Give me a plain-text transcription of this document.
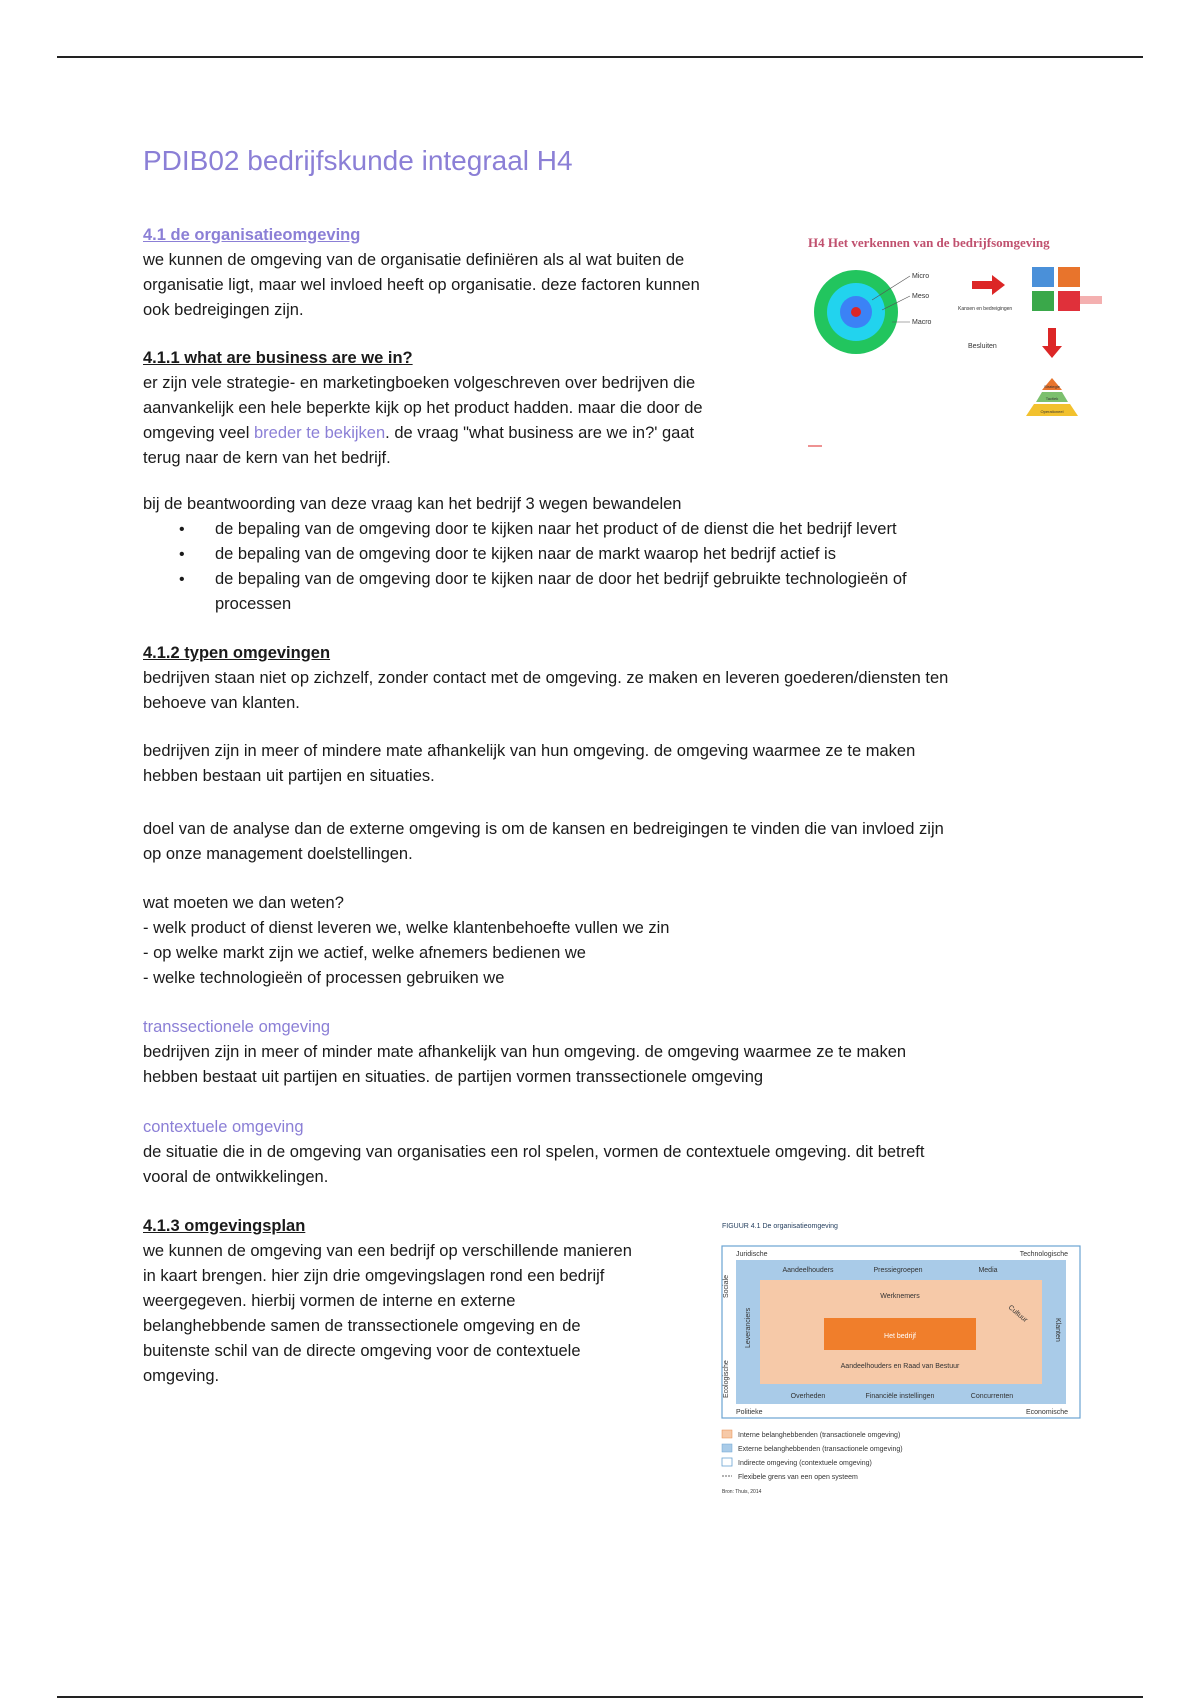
PDIB02 bedrijfskunde integraal H4

4.1 de organisatieomgeving

we kunnen de omgeving van de organisatie definiëren als al wat buiten de

organisatie ligt, maar wel invloed heeft op organisatie. deze factoren kunnen

ook bedreigingen zijn.

4.1.1 what are business are we in?

er zijn vele strategie- en marketingboeken volgeschreven over bedrijven die

aanvankelijk een hele beperkte kijk op het product hadden. maar die door de

omgeving veel breder te bekijken. de vraag "what business are we in?' gaat

terug naar de kern van het bedrijf.

bij de beantwoording van deze vraag kan het bedrijf 3 wegen bewandelen

• de bepaling van de omgeving door te kijken naar het product of de dienst die het bedrijf levert
• de bepaling van de omgeving door te kijken naar de markt waarop het bedrijf actief is
• de bepaling van de omgeving door te kijken naar de door het bedrijf gebruikte technologieën of

processen

4.1.2 typen omgevingen

bedrijven staan niet op zichzelf, zonder contact met de omgeving. ze maken en leveren goederen/diensten ten

behoeve van klanten.

bedrijven zijn in meer of mindere mate afhankelijk van hun omgeving. de omgeving waarmee ze te maken

hebben bestaan uit partijen en situaties.

doel van de analyse dan de externe omgeving is om de kansen en bedreigingen te vinden die van invloed zijn

op onze management doelstellingen.

wat moeten we dan weten?

- welk product of dienst leveren we, welke klantenbehoefte vullen we zin

- op welke markt zijn we actief, welke afnemers bedienen we

- welke technologieën of processen gebruiken we

transsectionele omgeving

bedrijven zijn in meer of minder mate afhankelijk van hun omgeving. de omgeving waarmee ze te maken

hebben bestaat uit partijen en situaties. de partijen vormen transsectionele omgeving

contextuele omgeving

de situatie die in de omgeving van organisaties een rol spelen, vormen de contextuele omgeving. dit betreft

vooral de ontwikkelingen.

4.1.3 omgevingsplan

we kunnen de omgeving van een bedrijf op verschillende manieren

in kaart brengen. hier zijn drie omgevingslagen rond een bedrijf

weergegeven. hierbij vormen de interne en externe

belanghebbende samen de transsectionele omgeving en de

buitenste schil van de directe omgeving voor de contextuele

omgeving.

H4 Het verkennen van de bedrijfsomgeving
Micro
Meso
Macro
Kansen en bedreigingen
Besluiten
Strategie
Tactiek
Operationeel
FIGUUR 4.1 De organisatieomgeving
Het bedrijf
Juridische	Technologische
Politieke	Economische
Sociale
Ecologische
Aandeelhouders	Pressiegroepen	Media
Overheden	Financiële instellingen	Concurrenten
Leveranciers	Klanten
Werknemers
Aandeelhouders en Raad van Bestuur
Cultuur
Interne belanghebbenden (transactionele omgeving)
Externe belanghebbenden (transactionele omgeving)
Indirecte omgeving (contextuele omgeving)
Flexibele grens van een open systeem
Bron: Thuis, 2014
